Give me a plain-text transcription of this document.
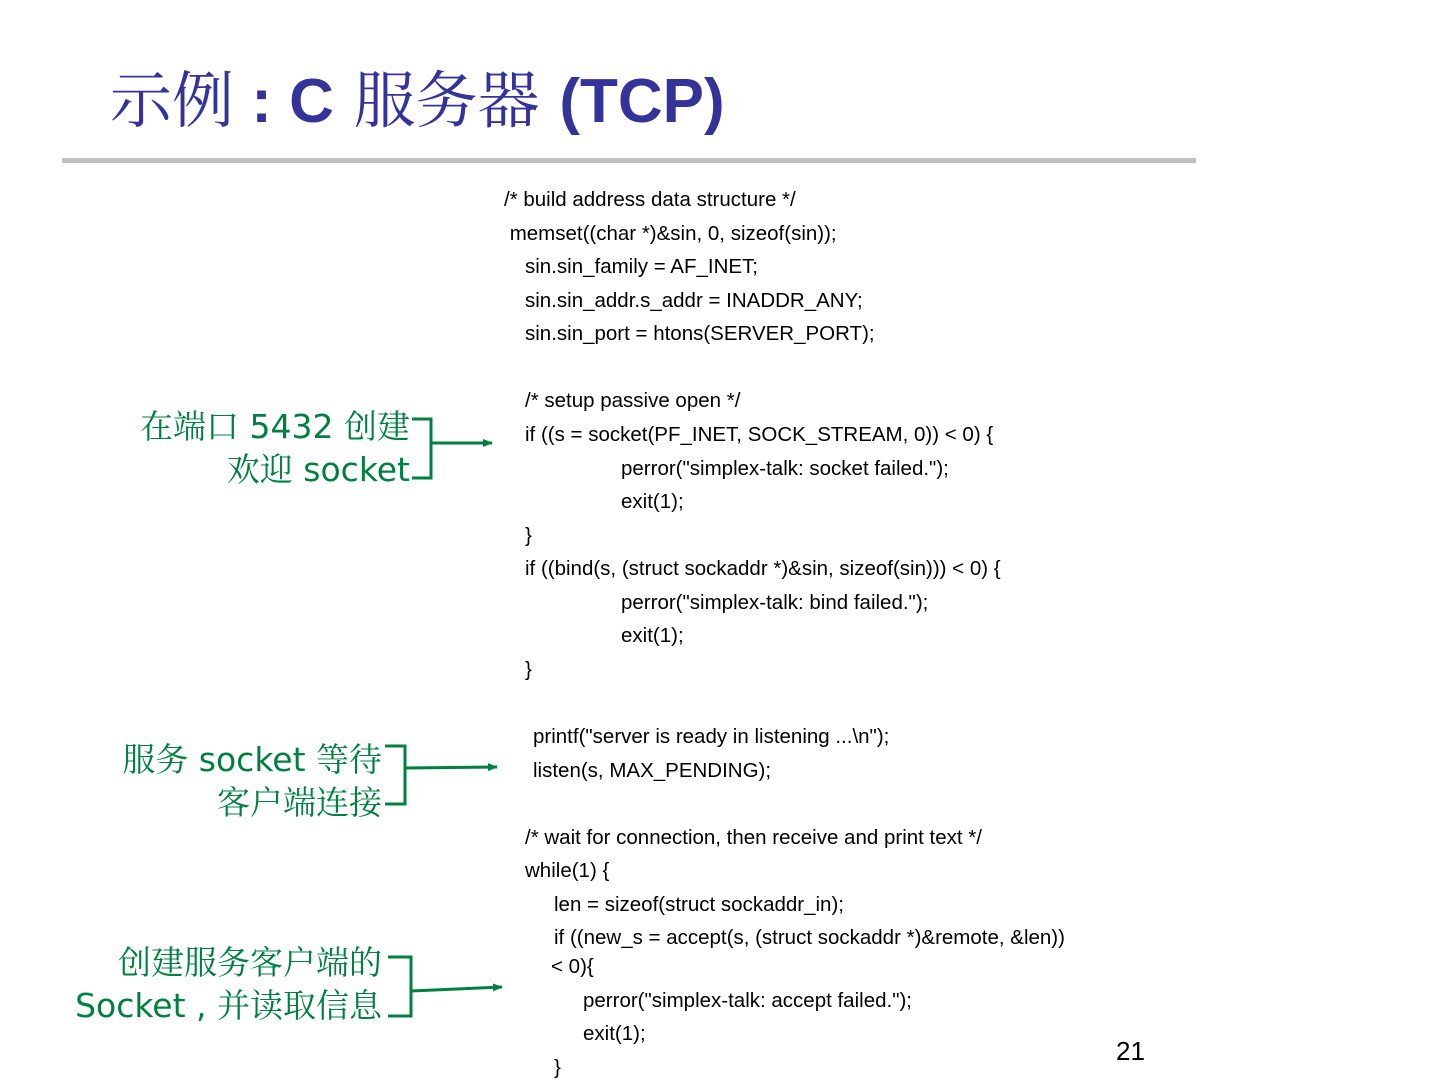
示例 : C 服务器 (TCP)
/* build address data structure */
memset((char *)&sin, 0, sizeof(sin));
sin.sin_family = AF_INET;
sin.sin_addr.s_addr = INADDR_ANY;
sin.sin_port = htons(SERVER_PORT);
/* setup passive open */
if ((s = socket(PF_INET, SOCK_STREAM, 0)) < 0) {
perror("simplex-talk: socket failed.");
exit(1);
}
if ((bind(s, (struct sockaddr *)&sin, sizeof(sin))) < 0) {
perror("simplex-talk: bind failed.");
exit(1);
}
printf("server is ready in listening ...\n");
listen(s, MAX_PENDING);
/* wait for connection, then receive and print text */
while(1) {
len = sizeof(struct sockaddr_in);
if ((new_s = accept(s, (struct sockaddr *)&remote, &len))
< 0){
perror("simplex-talk: accept failed.");
exit(1);
}
在端口 5432 创建
欢迎 socket
服务 socket 等待
客户端连接
创建服务客户端的
Socket , 并读取信息
21
